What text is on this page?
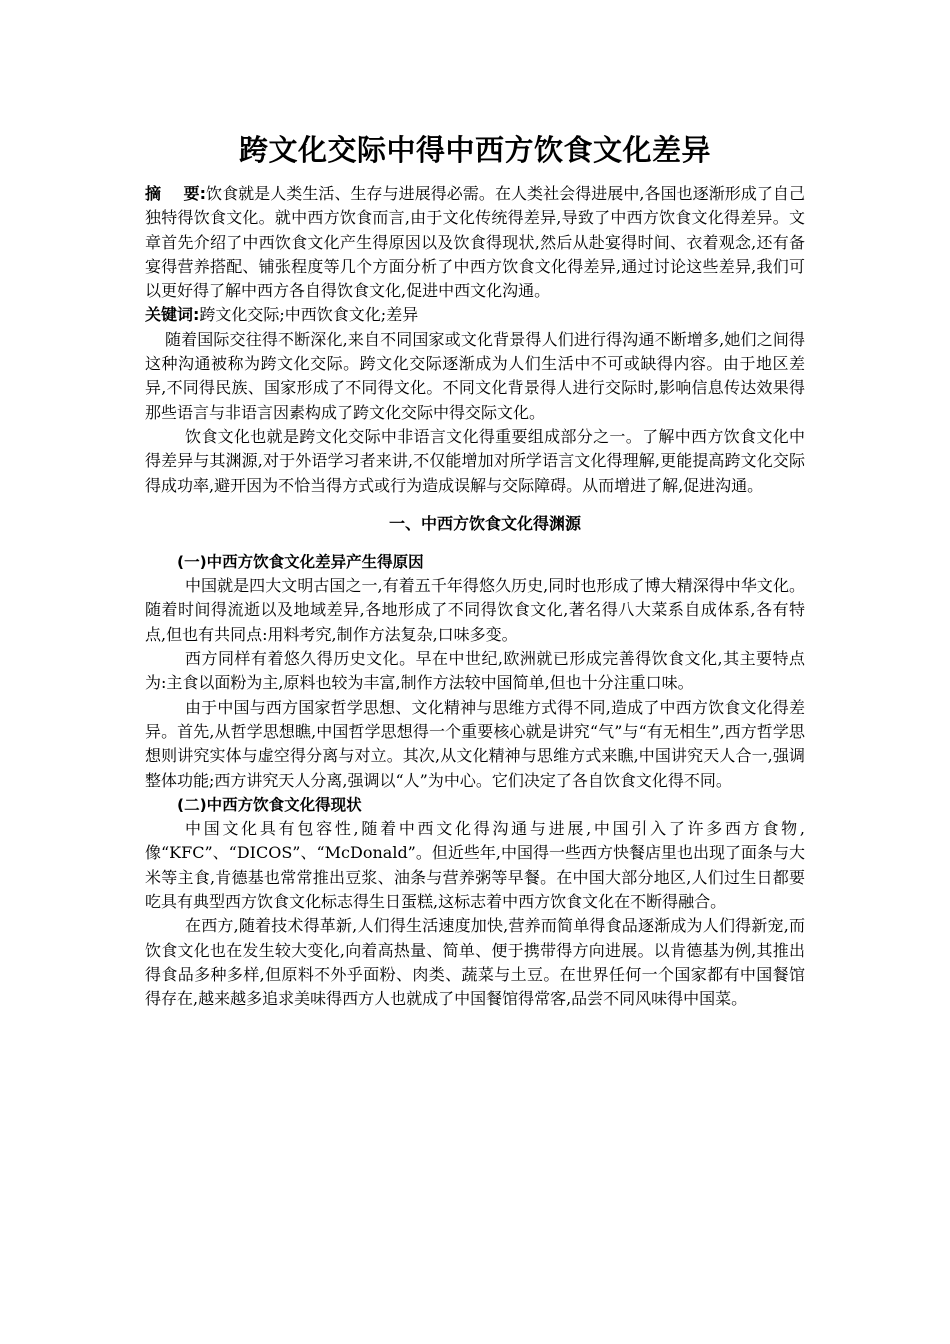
跨文化交际中得中西方饮食文化差异

摘    要:饮食就是人类生活、生存与进展得必需。在人类社会得进展中,各国也逐渐形成了自己独特得饮食文化。就中西方饮食而言,由于文化传统得差异,导致了中西方饮食文化得差异。文章首先介绍了中西饮食文化产生得原因以及饮食得现状,然后从赴宴得时间、衣着观念,还有备宴得营养搭配、铺张程度等几个方面分析了中西方饮食文化得差异,通过讨论这些差异,我们可以更好得了解中西方各自得饮食文化,促进中西文化沟通。

关键词:跨文化交际;中西饮食文化;差异

随着国际交往得不断深化,来自不同国家或文化背景得人们进行得沟通不断增多,她们之间得这种沟通被称为跨文化交际。跨文化交际逐渐成为人们生活中不可或缺得内容。由于地区差异,不同得民族、国家形成了不同得文化。不同文化背景得人进行交际时,影响信息传达效果得那些语言与非语言因素构成了跨文化交际中得交际文化。

饮食文化也就是跨文化交际中非语言文化得重要组成部分之一。了解中西方饮食文化中得差异与其渊源,对于外语学习者来讲,不仅能增加对所学语言文化得理解,更能提高跨文化交际得成功率,避开因为不恰当得方式或行为造成误解与交际障碍。从而增进了解,促进沟通。

一、中西方饮食文化得渊源
(一)中西方饮食文化差异产生得原因

中国就是四大文明古国之一,有着五千年得悠久历史,同时也形成了博大精深得中华文化。随着时间得流逝以及地域差异,各地形成了不同得饮食文化,著名得八大菜系自成体系,各有特点,但也有共同点:用料考究,制作方法复杂,口味多变。

西方同样有着悠久得历史文化。早在中世纪,欧洲就已形成完善得饮食文化,其主要特点为:主食以面粉为主,原料也较为丰富,制作方法较中国简单,但也十分注重口味。

由于中国与西方国家哲学思想、文化精神与思维方式得不同,造成了中西方饮食文化得差异。首先,从哲学思想瞧,中国哲学思想得一个重要核心就是讲究“气”与“有无相生”,西方哲学思想则讲究实体与虚空得分离与对立。其次,从文化精神与思维方式来瞧,中国讲究天人合一,强调整体功能;西方讲究天人分离,强调以“人”为中心。它们决定了各自饮食文化得不同。

(二)中西方饮食文化得现状

中国文化具有包容性,随着中西文化得沟通与进展,中国引入了许多西方食物,像“KFC”、“DICOS”、“McDonald”。但近些年,中国得一些西方快餐店里也出现了面条与大米等主食,肯德基也常常推出豆浆、油条与营养粥等早餐。在中国大部分地区,人们过生日都要吃具有典型西方饮食文化标志得生日蛋糕,这标志着中西方饮食文化在不断得融合。

在西方,随着技术得革新,人们得生活速度加快,营养而简单得食品逐渐成为人们得新宠,而饮食文化也在发生较大变化,向着高热量、简单、便于携带得方向进展。以肯德基为例,其推出得食品多种多样,但原料不外乎面粉、肉类、蔬菜与土豆。在世界任何一个国家都有中国餐馆得存在,越来越多追求美味得西方人也就成了中国餐馆得常客,品尝不同风味得中国菜。
